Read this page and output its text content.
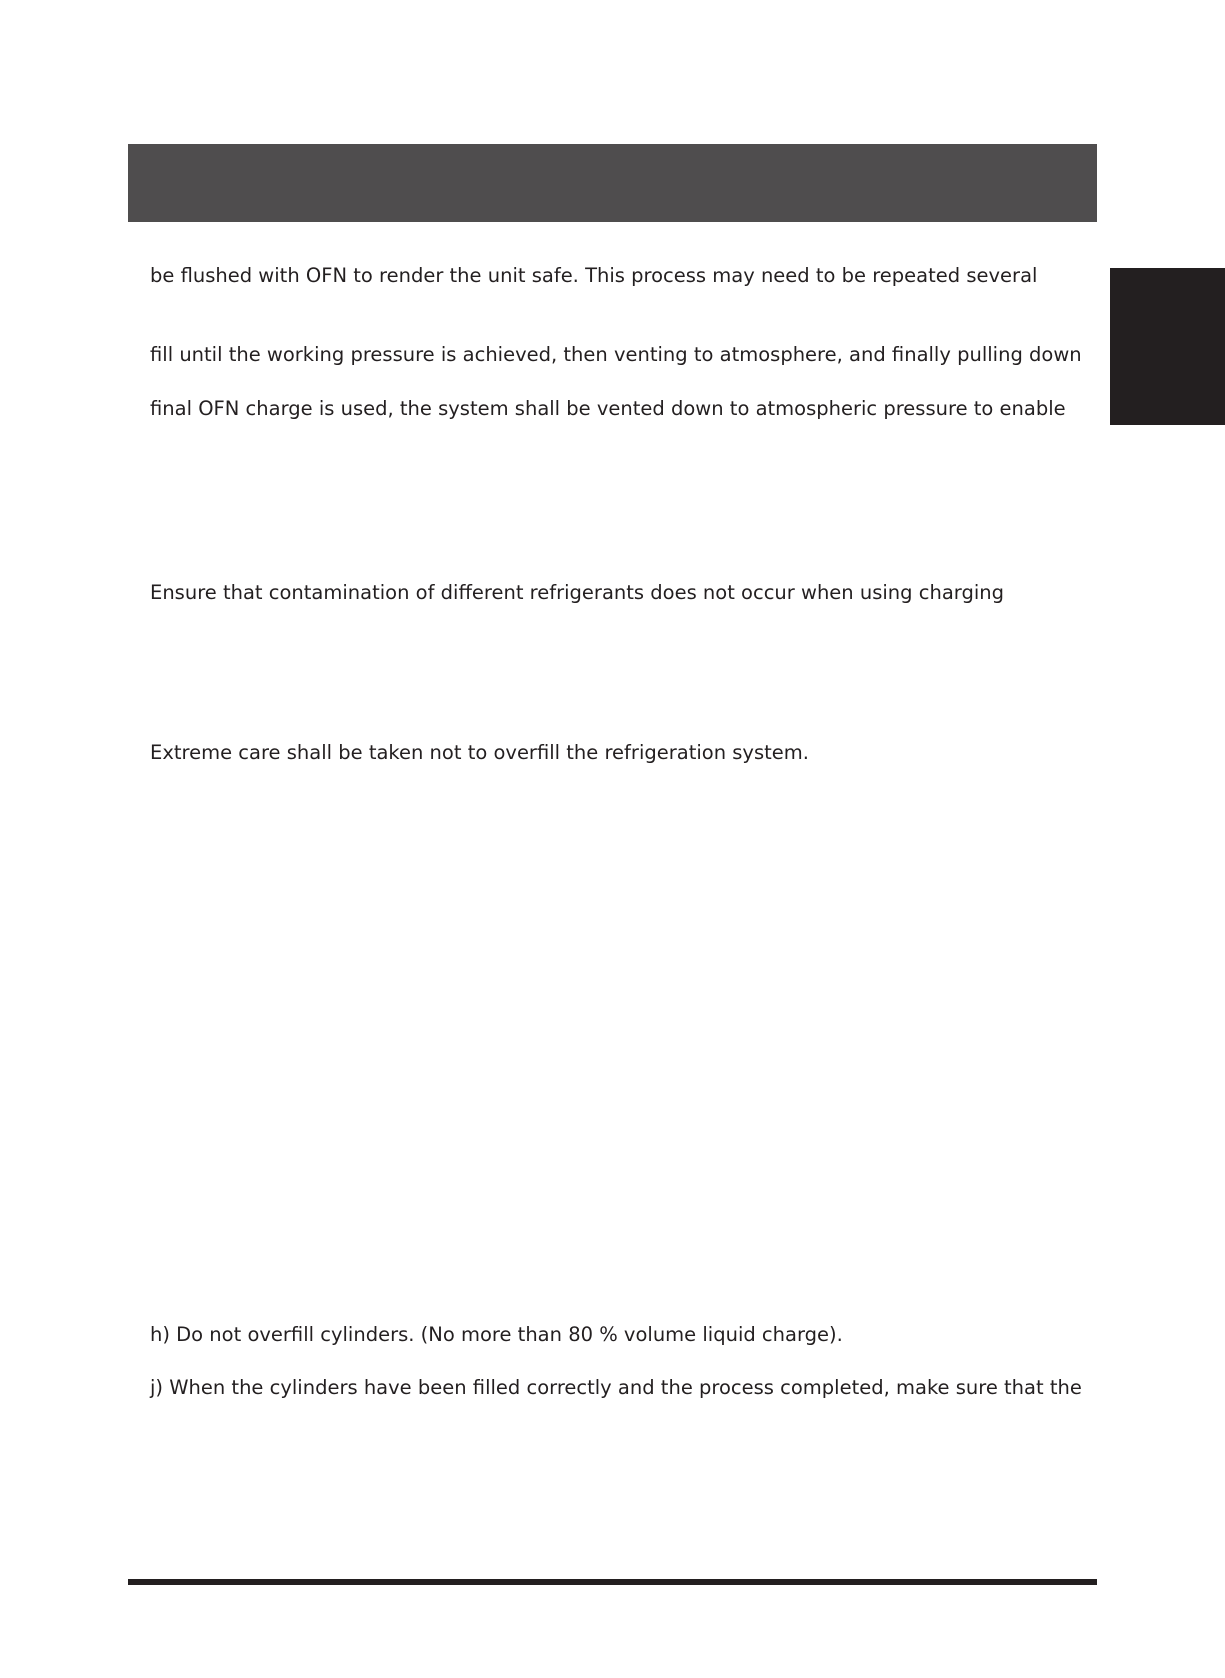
be flushed with OFN to render the unit safe. This process may need to be repeated several
fill until the working pressure is achieved, then venting to atmosphere, and finally pulling down
final OFN charge is used, the system shall be vented down to atmospheric pressure to enable
Ensure that contamination of different refrigerants does not occur when using charging
Extreme care shall be taken not to overfill the refrigeration system.
h) Do not overfill cylinders. (No more than 80 % volume liquid charge).
j) When the cylinders have been filled correctly and the process completed, make sure that the
